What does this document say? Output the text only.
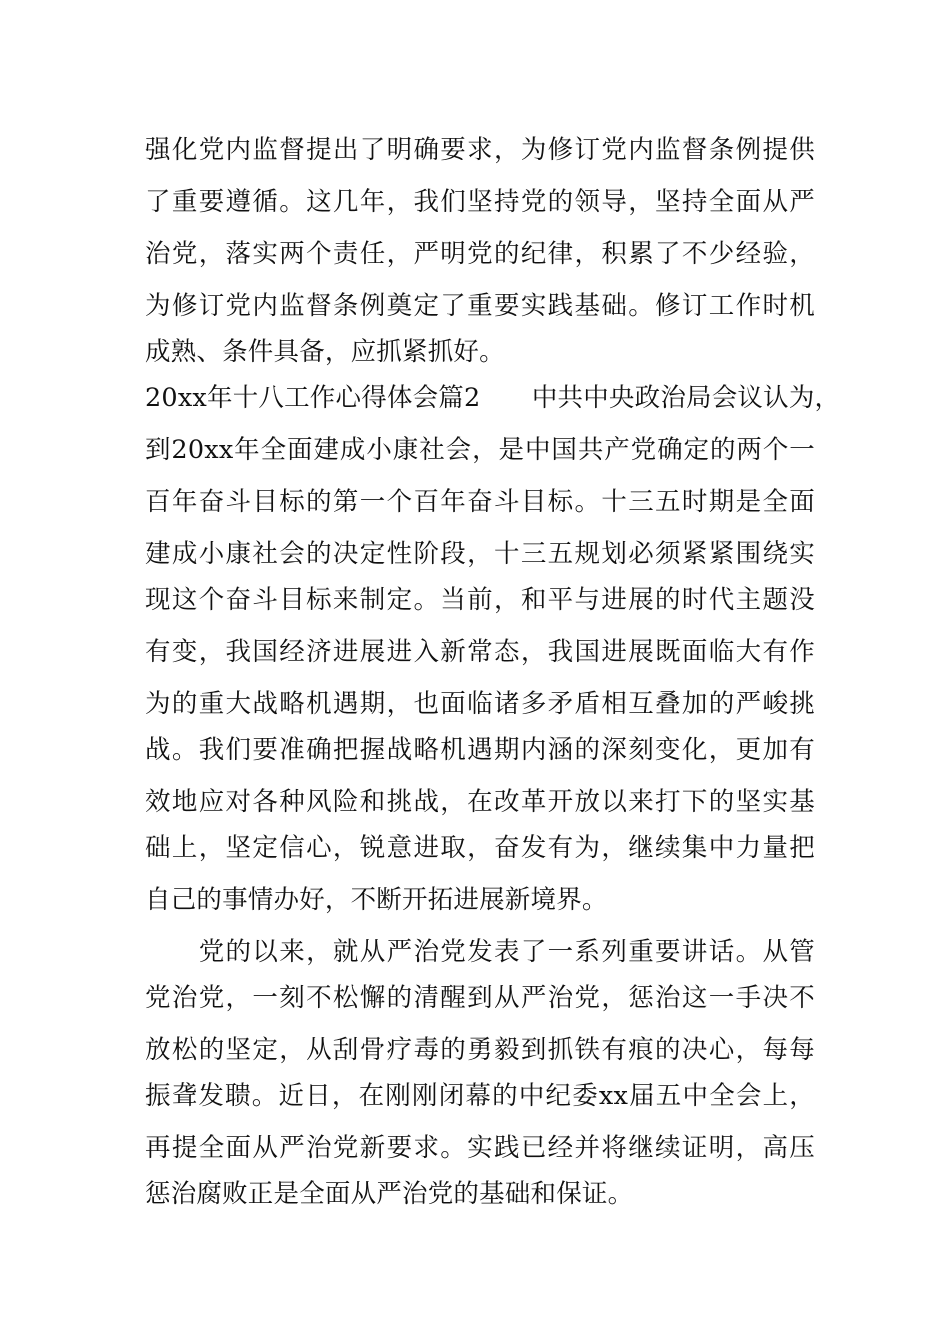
强化党内监督提出了明确要求，为修订党内监督条例提供
了重要遵循。这几年，我们坚持党的领导，坚持全面从严
治党，落实两个责任，严明党的纪律，积累了不少经验，
为修订党内监督条例奠定了重要实践基础。修订工作时机
成熟、条件具备，应抓紧抓好。
20xx年十八工作心得体会篇2　　中共中央政治局会议认为，
到20xx年全面建成小康社会，是中国共产党确定的两个一
百年奋斗目标的第一个百年奋斗目标。十三五时期是全面
建成小康社会的决定性阶段，十三五规划必须紧紧围绕实
现这个奋斗目标来制定。当前，和平与进展的时代主题没
有变，我国经济进展进入新常态，我国进展既面临大有作
为的重大战略机遇期，也面临诸多矛盾相互叠加的严峻挑
战。我们要准确把握战略机遇期内涵的深刻变化，更加有
效地应对各种风险和挑战，在改革开放以来打下的坚实基
础上，坚定信心，锐意进取，奋发有为，继续集中力量把
自己的事情办好，不断开拓进展新境界。
　　党的以来，就从严治党发表了一系列重要讲话。从管
党治党，一刻不松懈的清醒到从严治党，惩治这一手决不
放松的坚定，从刮骨疗毒的勇毅到抓铁有痕的决心，每每
振聋发聩。近日，在刚刚闭幕的中纪委xx届五中全会上，
再提全面从严治党新要求。实践已经并将继续证明，高压
惩治腐败正是全面从严治党的基础和保证。
